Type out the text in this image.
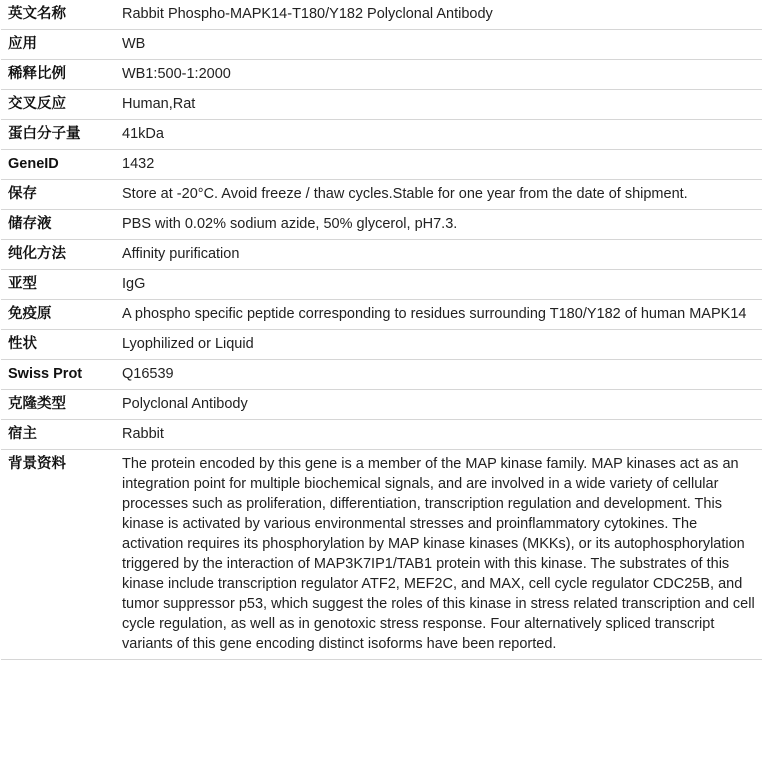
英文名称	Rabbit Phospho-MAPK14-T180/Y182 Polyclonal Antibody
应用	WB
稀释比例	WB1:500-1:2000
交叉反应	Human,Rat
蛋白分子量	41kDa
GeneID	1432
保存	Store at -20°C. Avoid freeze / thaw cycles.Stable for one year from the date of shipment.
储存液	PBS with 0.02% sodium azide, 50% glycerol, pH7.3.
纯化方法	Affinity purification
亚型	IgG
免疫原	A phospho specific peptide corresponding to residues surrounding T180/Y182 of human MAPK14
性状	Lyophilized or Liquid
Swiss Prot	Q16539
克隆类型	Polyclonal Antibody
宿主	Rabbit
背景资料	The protein encoded by this gene is a member of the MAP kinase family. MAP kinases act as an integration point for multiple biochemical signals, and are involved in a wide variety of cellular processes such as proliferation, differentiation, transcription regulation and development. This kinase is activated by various environmental stresses and proinflammatory cytokines. The activation requires its phosphorylation by MAP kinase kinases (MKKs), or its autophosphorylation triggered by the interaction of MAP3K7IP1/TAB1 protein with this kinase. The substrates of this kinase include transcription regulator ATF2, MEF2C, and MAX, cell cycle regulator CDC25B, and tumor suppressor p53, which suggest the roles of this kinase in stress related transcription and cell cycle regulation, as well as in genotoxic stress response. Four alternatively spliced transcript variants of this gene encoding distinct isoforms have been reported.
